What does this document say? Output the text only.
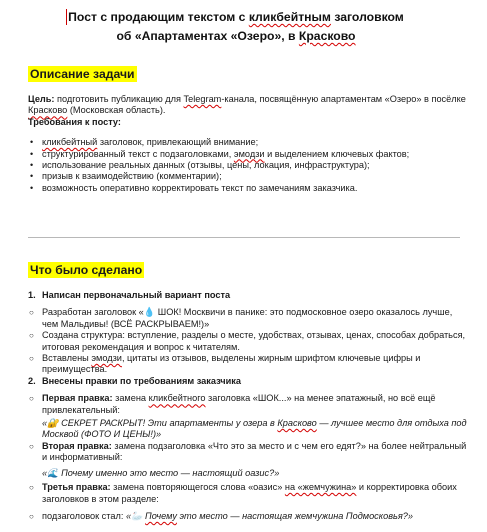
Пост с продающим текстом с кликбейтным заголовком об «Апартаментах «Озеро», в Красково
Описание задачи
Цель: подготовить публикацию для Telegram-канала, посвящённую апартаментам «Озеро» в посёлке Красково (Московская область).
Требования к посту:
• кликбейтный заголовок, привлекающий внимание;
• структурированный текст с подзаголовками, эмодзи и выделением ключевых фактов;
• использование реальных данных (отзывы, цены, локация, инфраструктура);
• призыв к взаимодействию (комментарии);
• возможность оперативно корректировать текст по замечаниям заказчика.
Что было сделано
1. Написан первоначальный вариант поста
○ Разработан заголовок «💧 ШОК! Москвичи в панике: это подмосковное озеро оказалось лучше, чем Мальдивы! (ВСЁ РАСКРЫВАЕМ!)»
○ Создана структура: вступление, разделы о месте, удобствах, отзывах, ценах, способах добраться, итоговая рекомендация и вопрос к читателям.
○ Вставлены эмодзи, цитаты из отзывов, выделены жирным шрифтом ключевые цифры и преимущества.
2. Внесены правки по требованиям заказчика
○ Первая правка: замена кликбейтного заголовка «ШОК...» на менее эпатажный, но всё ещё привлекательный:
«🔐 СЕКРЕТ РАСКРЫТ! Эти апартаменты у озера в Красково — лучшее место для отдыха под Москвой (ФОТО И ЦЕНЫ!)»
○ Вторая правка: замена подзаголовка «Что это за место и с чем его едят?» на более нейтральный и информативный:
«🌊 Почему именно это место — настоящий оазис?»
○ Третья правка: замена повторяющегося слова «оазис» на «жемчужина» и корректировка обоих заголовков в этом разделе:
○ подзаголовок стал: «🦢 Почему это место — настоящая жемчужина Подмосковья?»
